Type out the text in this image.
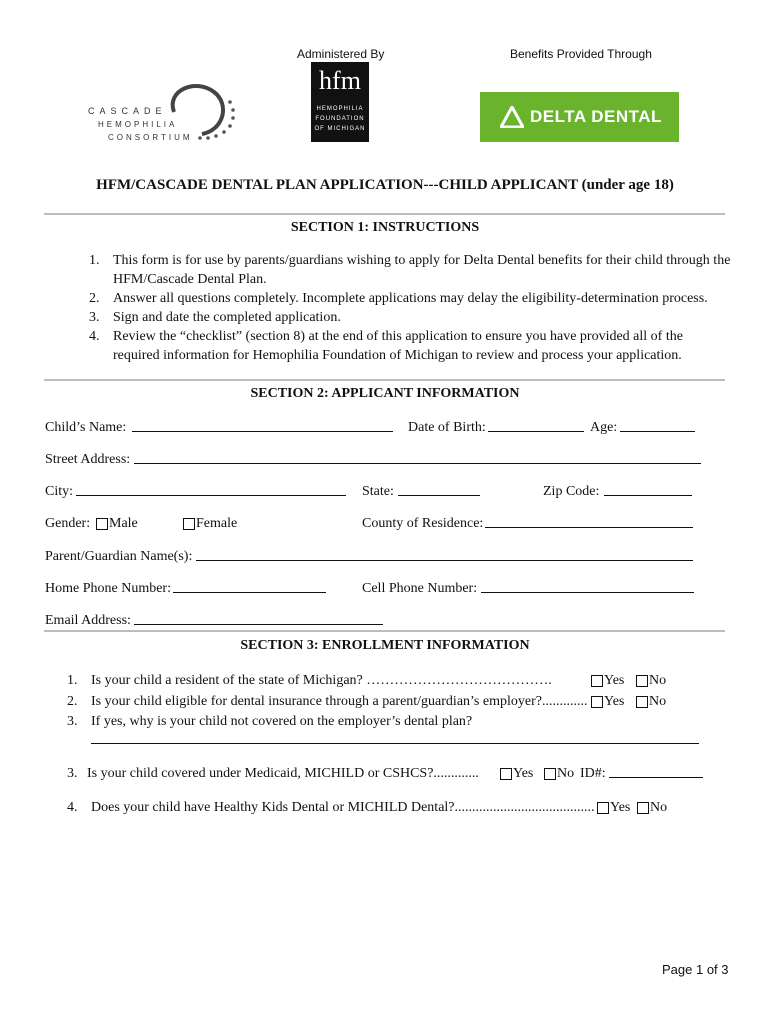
Administered By	Benefits Provided Through
CASCADE
HEMOPHILIA
CONSORTIUM
hfm
HEMOPHILIA
FOUNDATION
OF MICHIGAN
DELTA DENTAL
HFM/CASCADE DENTAL PLAN APPLICATION---CHILD APPLICANT (under age 18)
SECTION 1: INSTRUCTIONS
1. This form is for use by parents/guardians wishing to apply for Delta Dental benefits for their child through the
HFM/Cascade Dental Plan.
2. Answer all questions completely. Incomplete applications may delay the eligibility-determination process.
3. Sign and date the completed application.
4. Review the “checklist” (section 8) at the end of this application to ensure you have provided all of the
required information for Hemophilia Foundation of Michigan to review and process your application.
SECTION 2: APPLICANT INFORMATION
Child’s Name:	Date of Birth:	Age:
Street Address:
City:	State:	Zip Code:
Gender: Male	Female	County of Residence:
Parent/Guardian Name(s):
Home Phone Number:	Cell Phone Number:
Email Address:
SECTION 3: ENROLLMENT INFORMATION
1. Is your child a resident of the state of Michigan? ………………………………….	Yes No
2. Is your child eligible for dental insurance through a parent/guardian’s employer?............. Yes No
3. If yes, why is your child not covered on the employer’s dental plan?
3. Is your child covered under Medicaid, MICHILD or CSHCS?............. Yes No ID#:
4. Does your child have Healthy Kids Dental or MICHILD Dental?........................................ Yes No
Page 1 of 3
